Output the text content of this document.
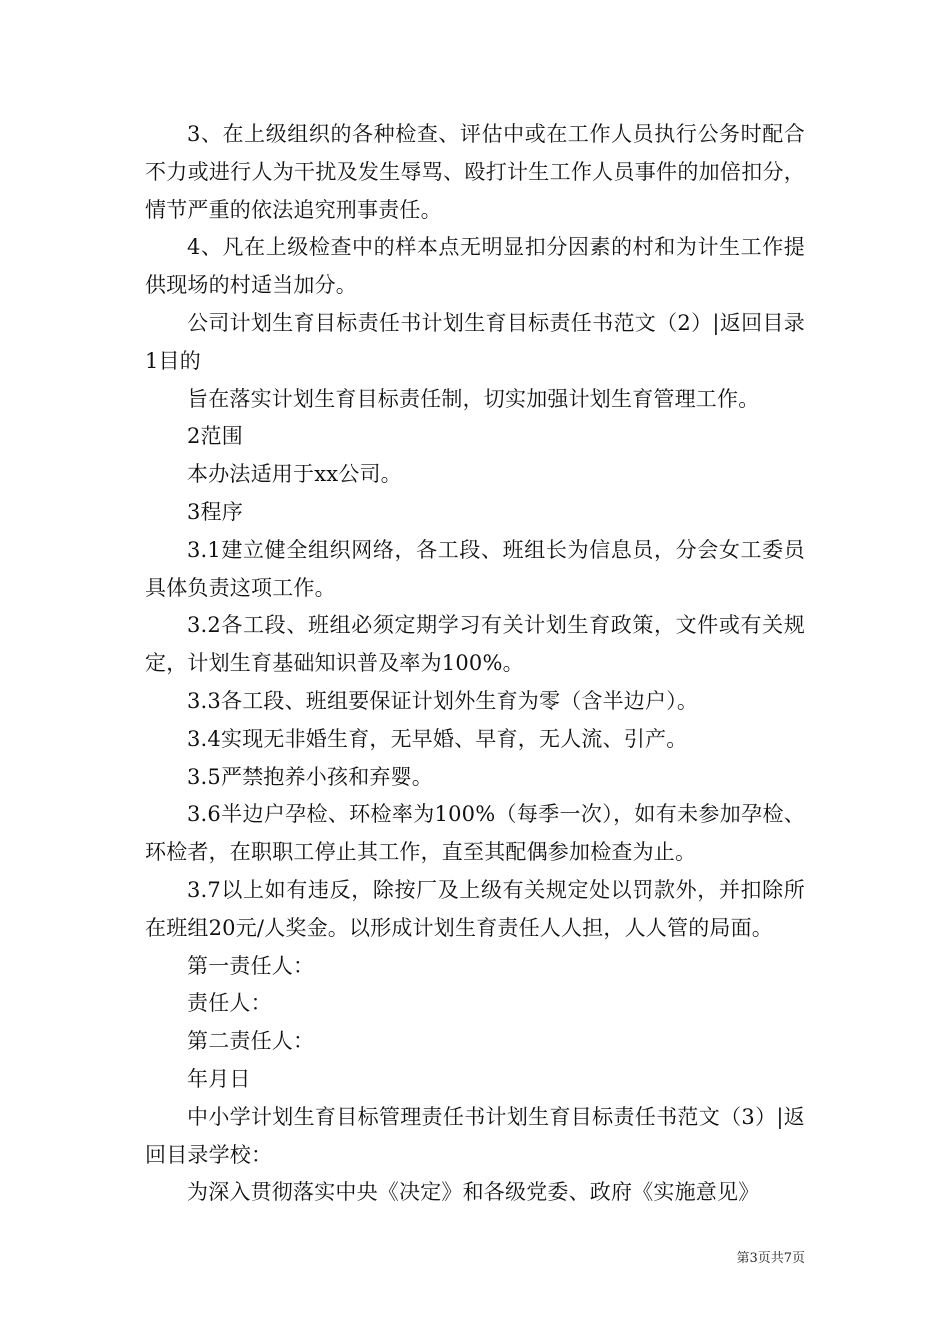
3、在上级组织的各种检查、评估中或在工作人员执行公务时配合不力或进行人为干扰及发生辱骂、殴打计生工作人员事件的加倍扣分，情节严重的依法追究刑事责任。

4、凡在上级检查中的样本点无明显扣分因素的村和为计生工作提供现场的村适当加分。

公司计划生育目标责任书计划生育目标责任书范文（2）|返回目录1目的

旨在落实计划生育目标责任制，切实加强计划生育管理工作。

2范围

本办法适用于xx公司。

3程序

3.1建立健全组织网络，各工段、班组长为信息员，分会女工委员具体负责这项工作。

3.2各工段、班组必须定期学习有关计划生育政策，文件或有关规定，计划生育基础知识普及率为100%。

3.3各工段、班组要保证计划外生育为零（含半边户）。

3.4实现无非婚生育，无早婚、早育，无人流、引产。

3.5严禁抱养小孩和弃婴。

3.6半边户孕检、环检率为100%（每季一次），如有未参加孕检、环检者，在职职工停止其工作，直至其配偶参加检查为止。

3.7以上如有违反，除按厂及上级有关规定处以罚款外，并扣除所在班组20元/人奖金。以形成计划生育责任人人担，人人管的局面。

第一责任人：

责任人：

第二责任人：

年月日

中小学计划生育目标管理责任书计划生育目标责任书范文（3）|返回目录学校：

为深入贯彻落实中央《决定》和各级党委、政府《实施意见》

第3页共7页
